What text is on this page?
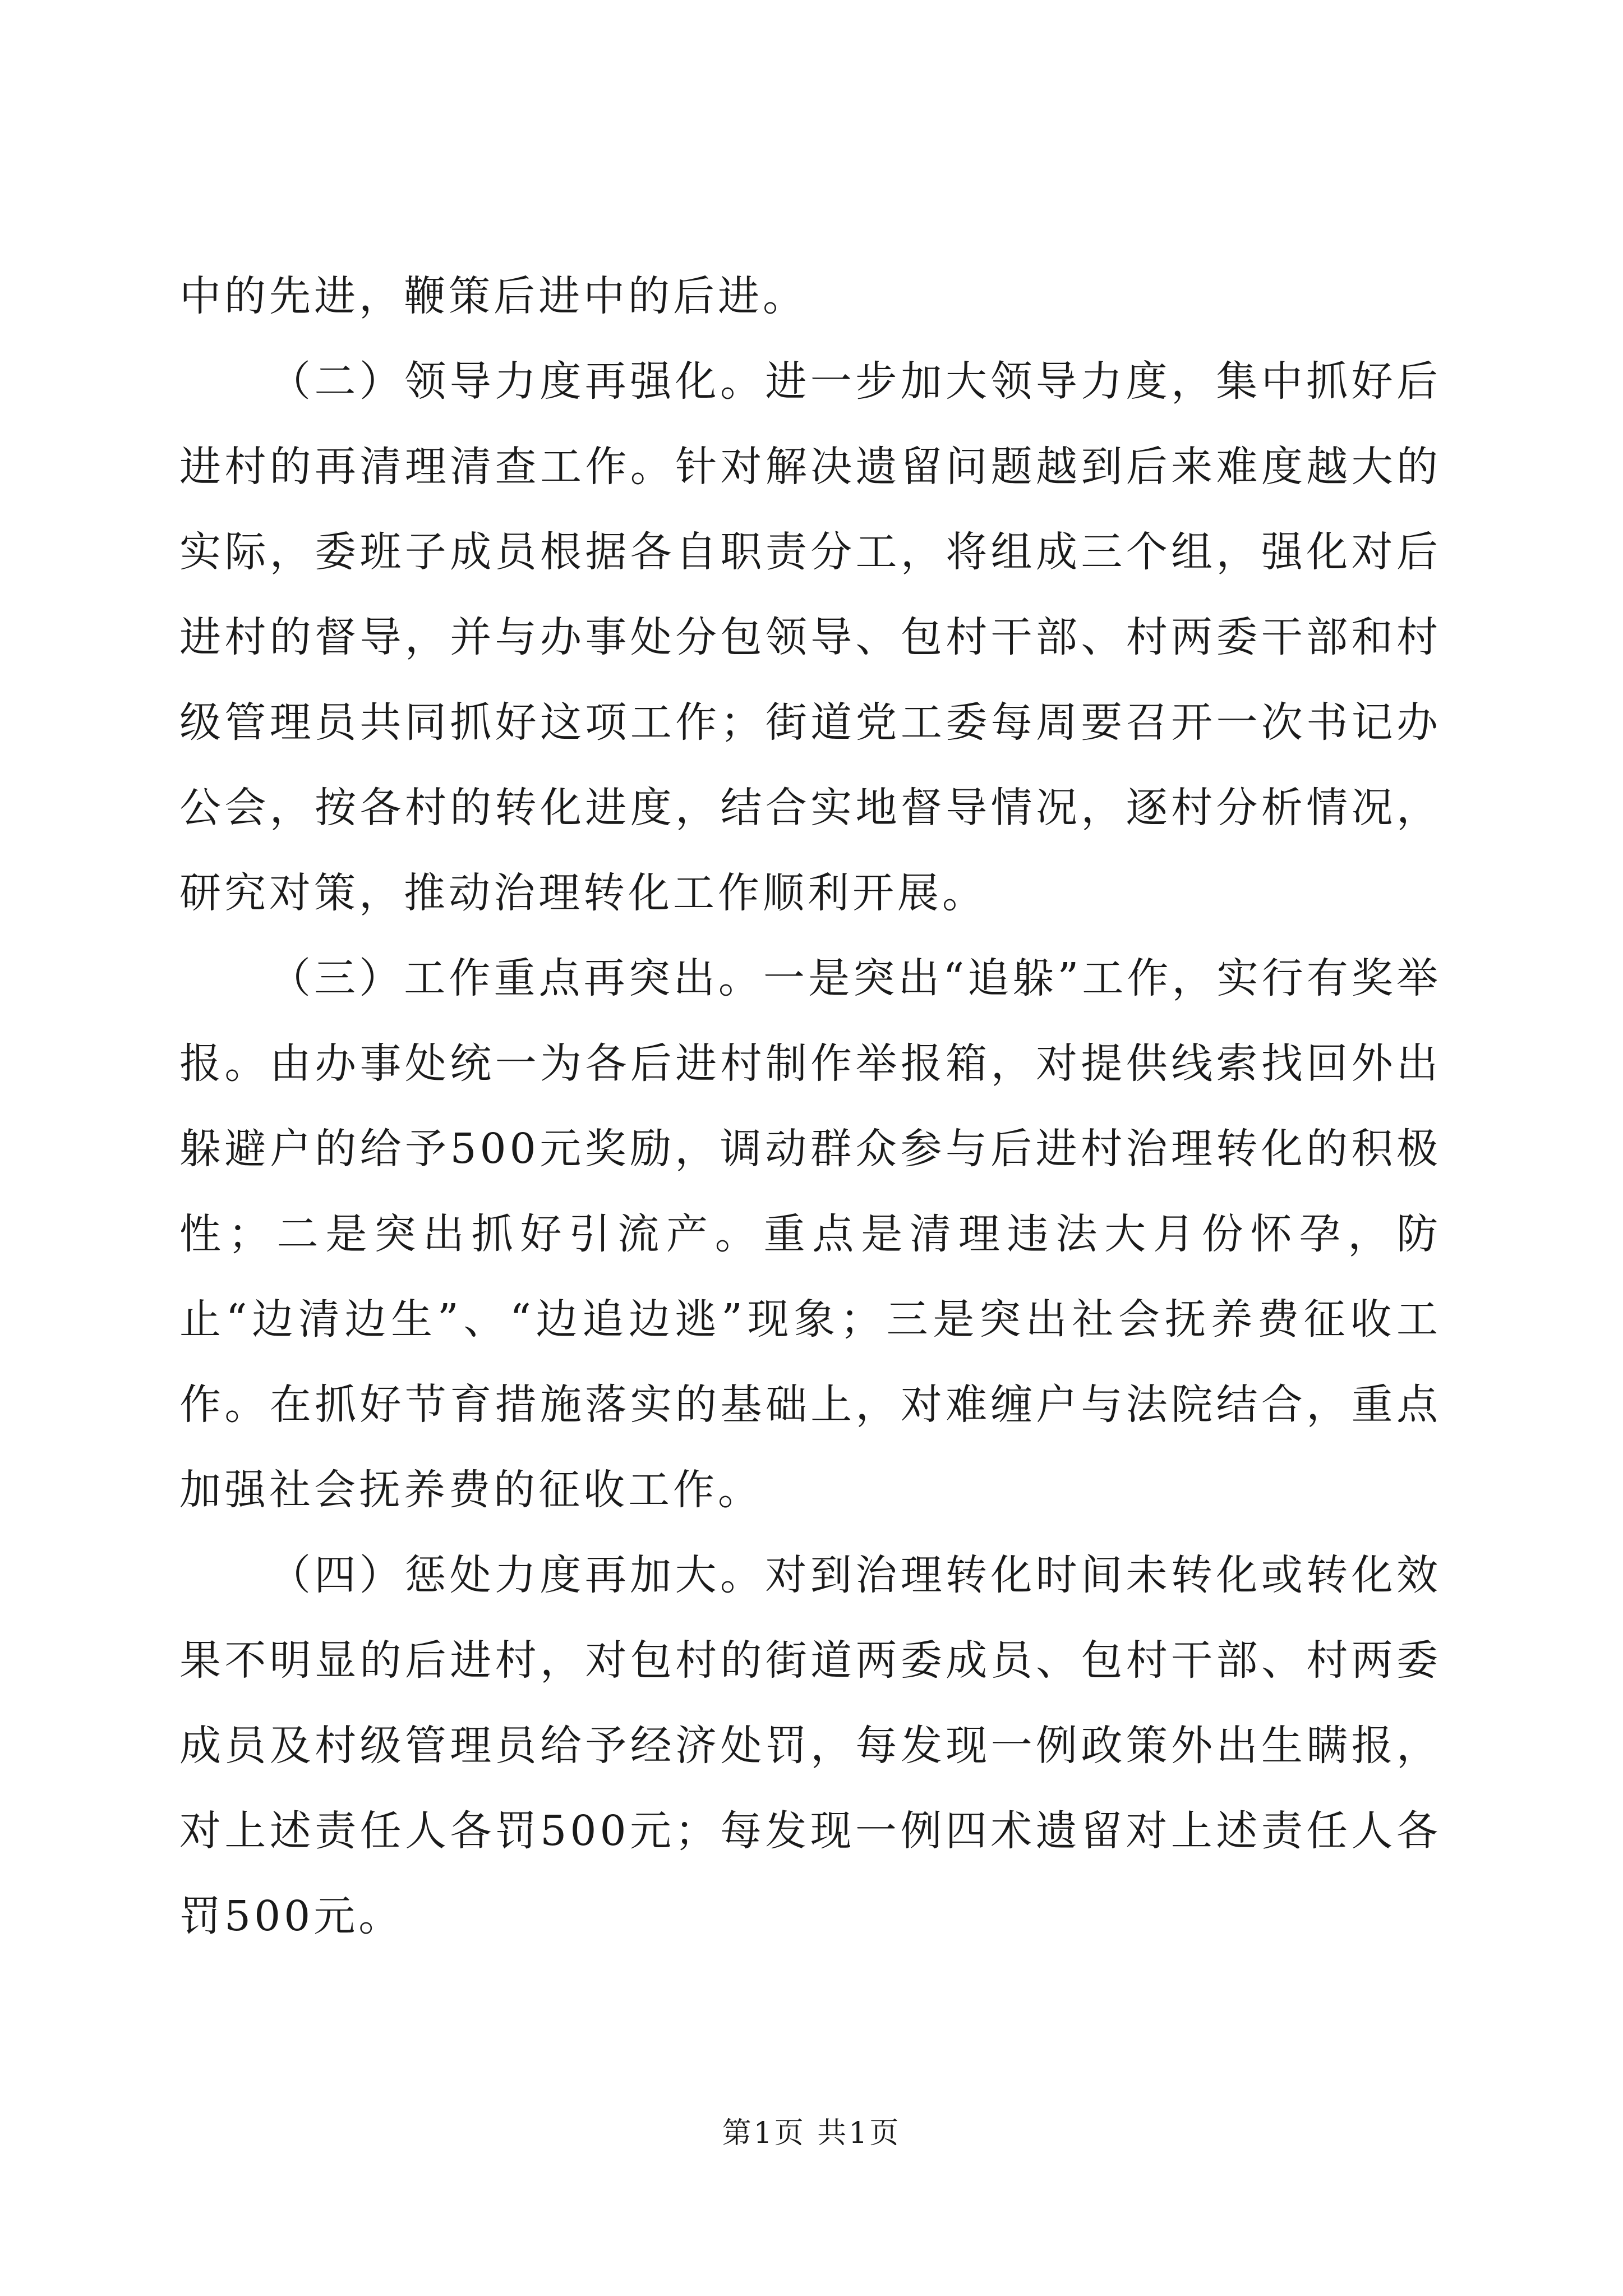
中的先进，鞭策后进中的后进。

（二）领导力度再强化。进一步加大领导力度，集中抓好后进村的再清理清查工作。针对解决遗留问题越到后来难度越大的实际，委班子成员根据各自职责分工，将组成三个组，强化对后进村的督导，并与办事处分包领导、包村干部、村两委干部和村级管理员共同抓好这项工作；街道党工委每周要召开一次书记办公会，按各村的转化进度，结合实地督导情况，逐村分析情况，研究对策，推动治理转化工作顺利开展。

（三）工作重点再突出。一是突出“追躲”工作，实行有奖举报。由办事处统一为各后进村制作举报箱，对提供线索找回外出躲避户的给予500元奖励，调动群众参与后进村治理转化的积极性；二是突出抓好引流产。重点是清理违法大月份怀孕，防止“边清边生”、“边追边逃”现象；三是突出社会抚养费征收工作。在抓好节育措施落实的基础上，对难缠户与法院结合，重点加强社会抚养费的征收工作。

（四）惩处力度再加大。对到治理转化时间未转化或转化效果不明显的后进村，对包村的街道两委成员、包村干部、村两委成员及村级管理员给予经济处罚，每发现一例政策外出生瞒报，对上述责任人各罚500元；每发现一例四术遗留对上述责任人各罚500元。

第1页 共1页
